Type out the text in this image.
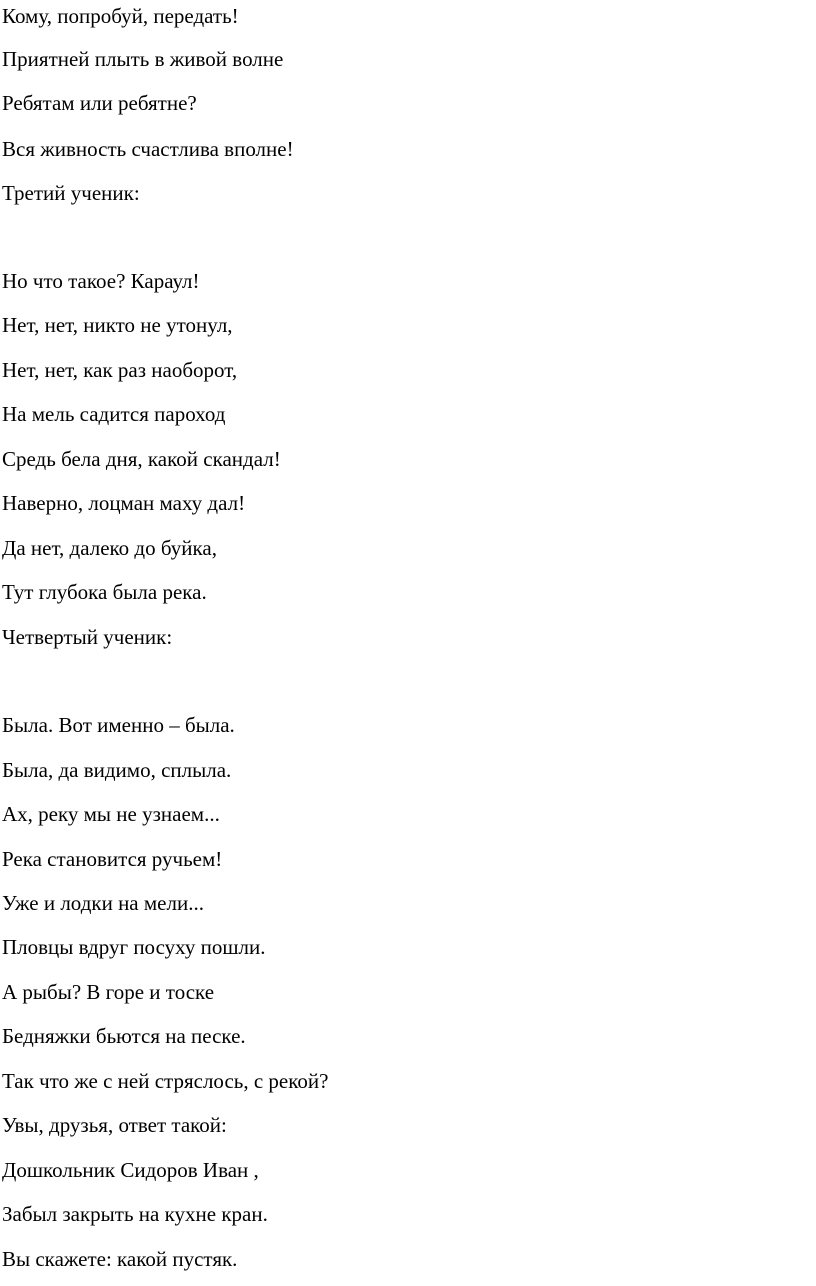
Кому, попробуй, передать!

Приятней плыть в живой волне

Ребятам или ребятне?

Вся живность счастлива вполне!

Третий ученик:

Но что такое? Караул!

Нет, нет, никто не утонул,

Нет, нет, как раз наоборот,

На мель садится пароход

Средь бела дня, какой скандал!

Наверно, лоцман маху дал!

Да нет, далеко до буйка,

Тут глубока была река.

Четвертый ученик:

Была. Вот именно – была.

Была, да видимо, сплыла.

Ах, реку мы не узнаем...

Река становится ручьем!

Уже и лодки на мели...

Пловцы вдруг посуху пошли.

А рыбы? В горе и тоске

Бедняжки бьются на песке.

Так что же с ней стряслось, с рекой?

Увы, друзья, ответ такой:

Дошкольник Сидоров Иван ,

Забыл закрыть на кухне кран.

Вы скажете: какой пустяк.
